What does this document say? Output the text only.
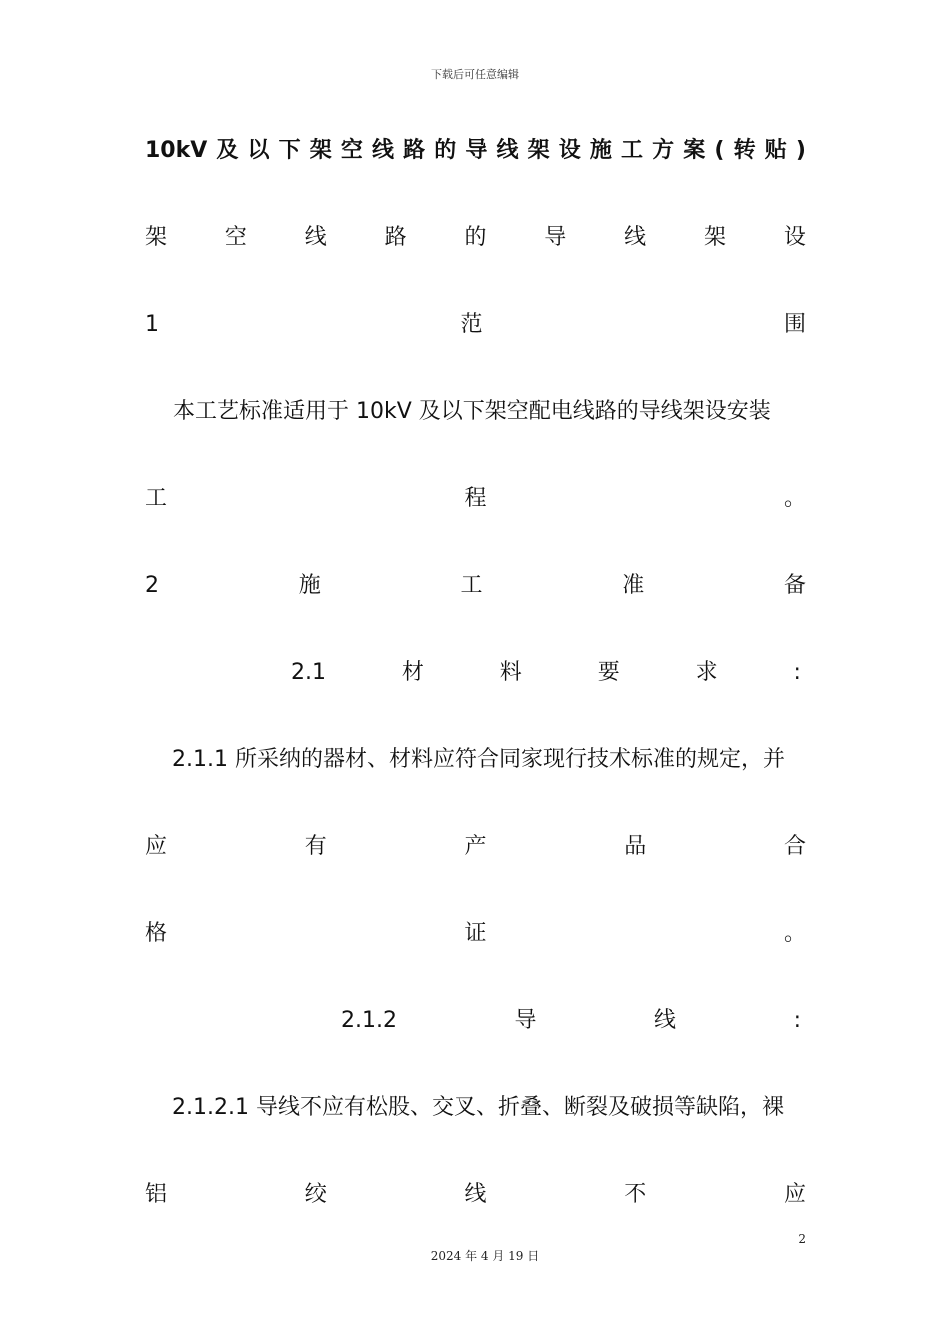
下载后可任意编辑
10kV 及 以 下 架 空 线 路 的 导 线 架 设 施 工 方 案 ( 转 贴 )
架	空	线	路	的	导	线	架	设
1	范	围
本工艺标准适用于 10kV 及以下架空配电线路的导线架设安装
工	程	。
2	施	工	准	备
2.1	材	料	要	求	:
2.1.1 所采纳的器材、材料应符合同家现行技术标准的规定，并
应	有	产	品	合
格	证	。
2.1.2	导	线	:
2.1.2.1 导线不应有松股、交叉、折叠、断裂及破损等缺陷，裸
铝	绞	线	不	应
2
2024 年 4 月 19 日
